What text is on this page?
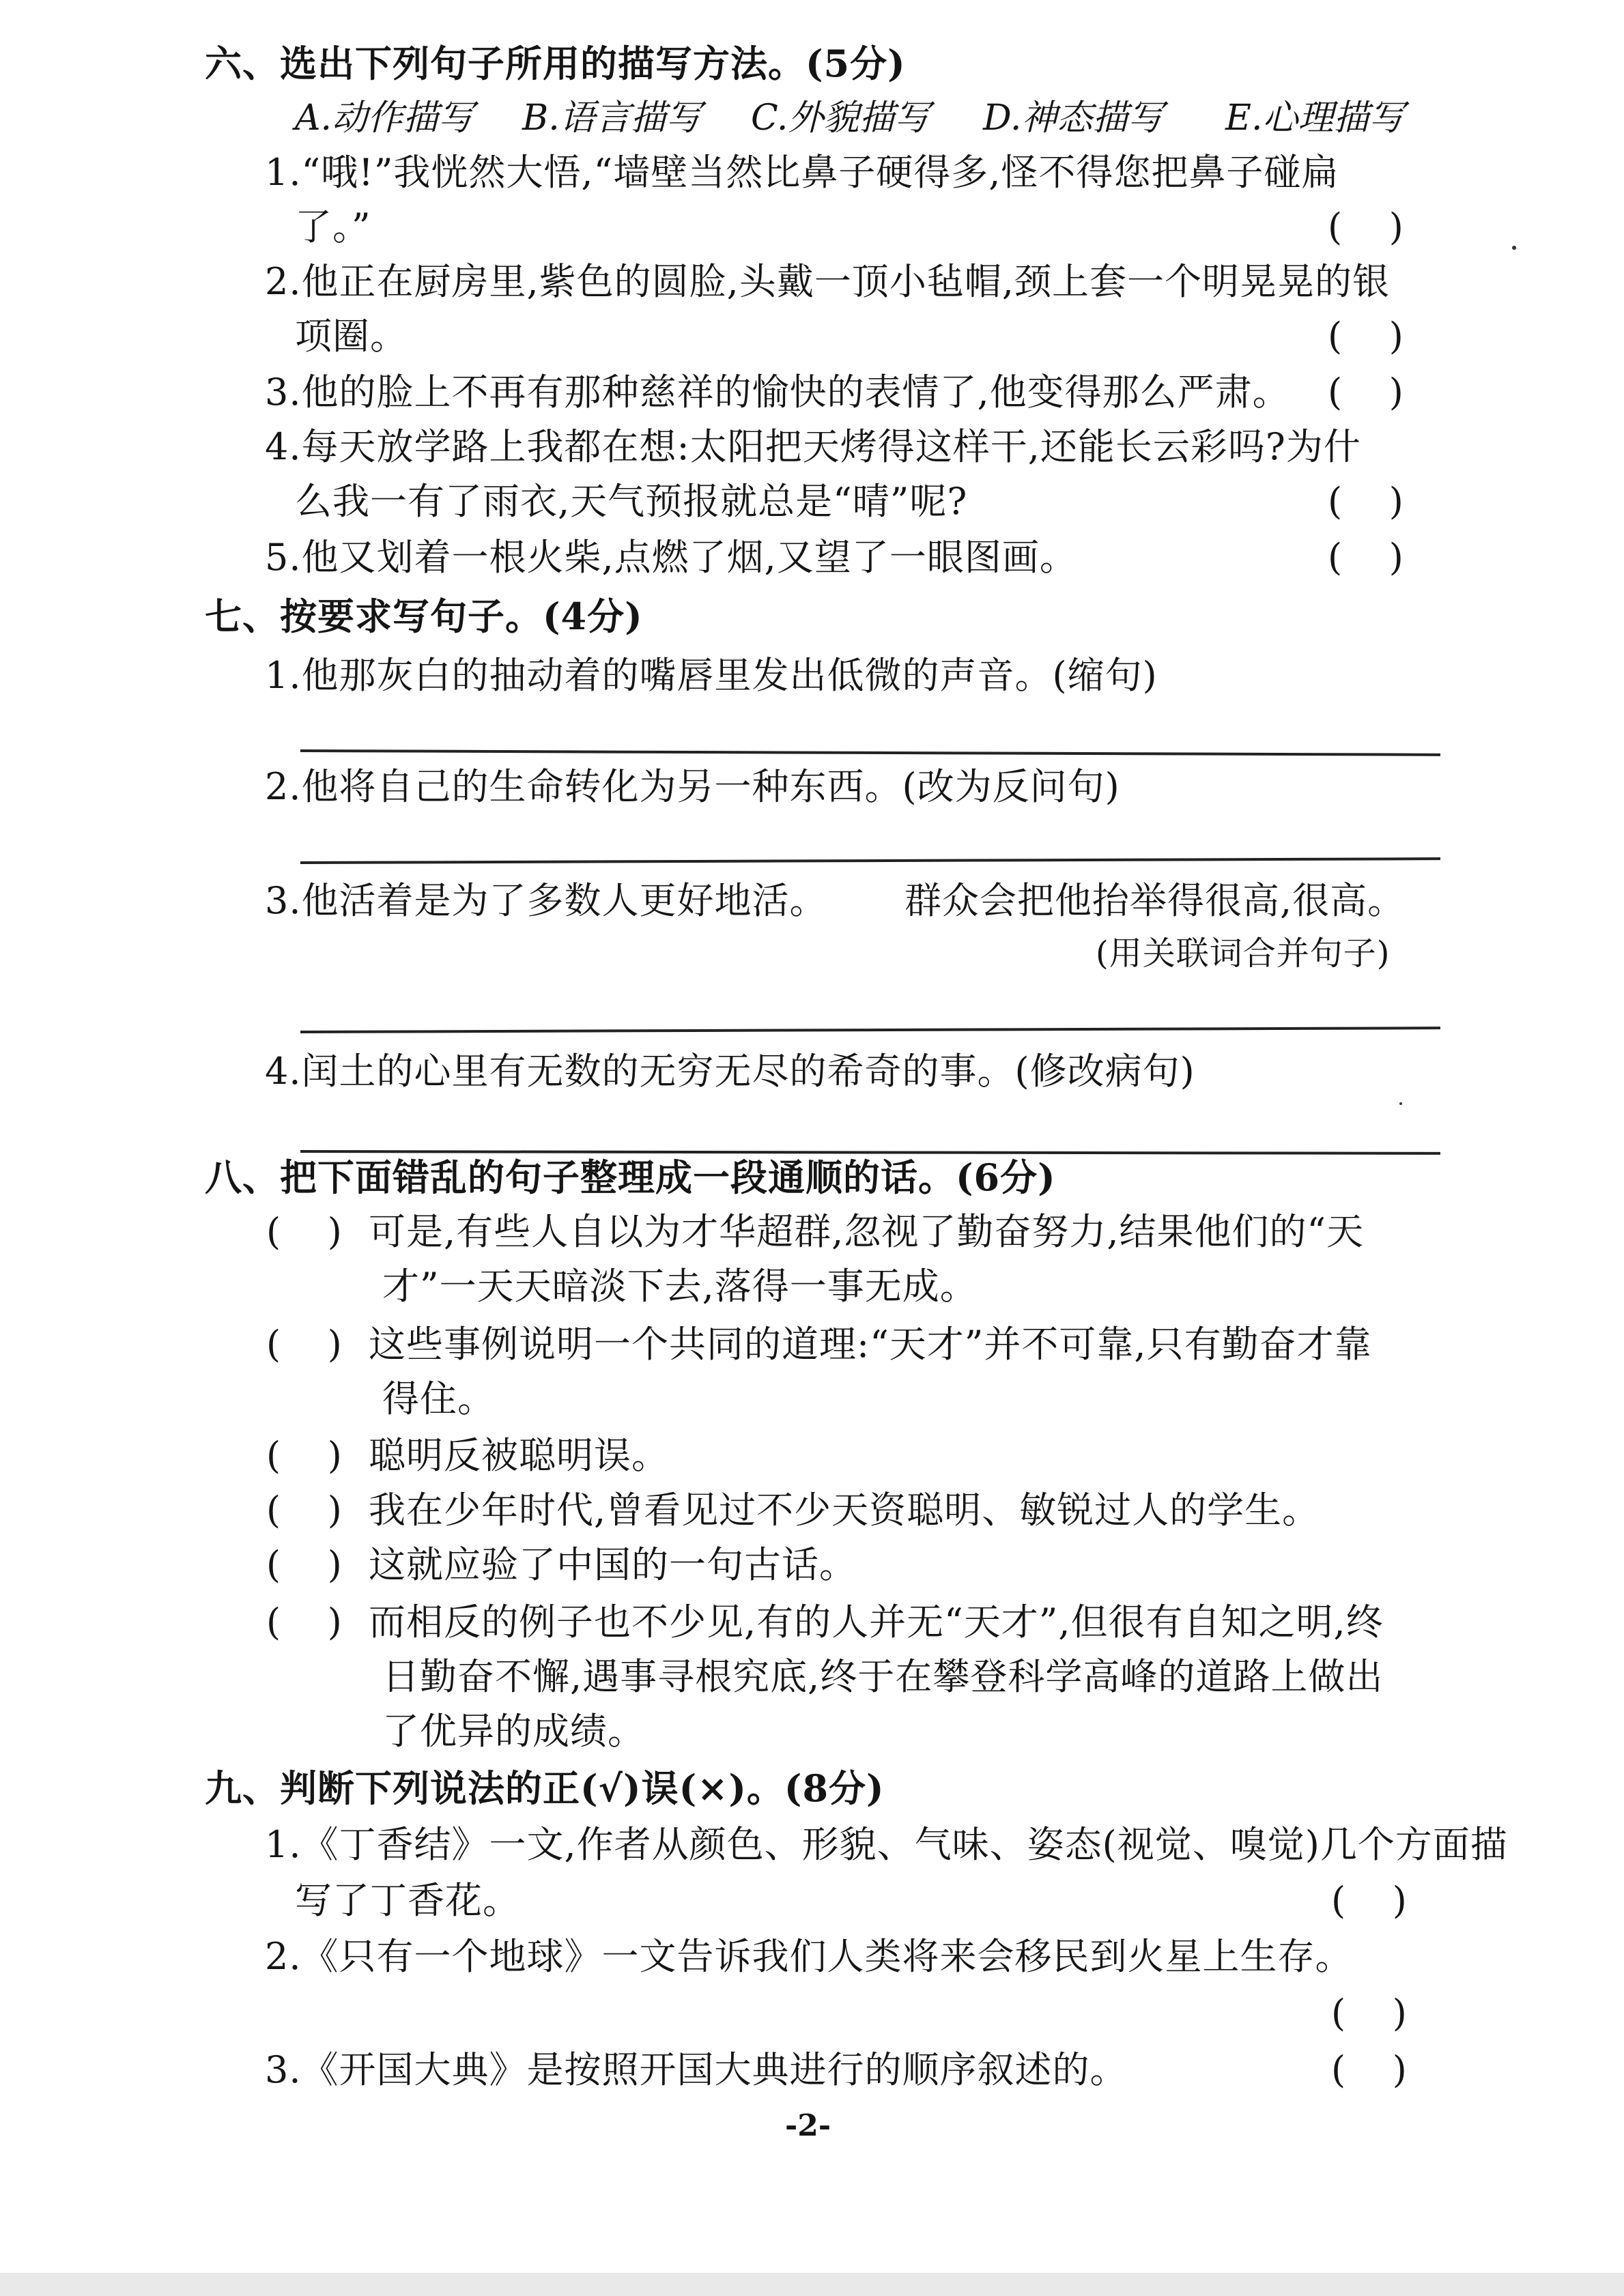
六、选出下列句子所用的描写方法。(5分)
A.动作描写 B.语言描写 C.外貌描写 D.神态描写 E.心理描写
1.“哦!”我恍然大悟,“墙壁当然比鼻子硬得多,怪不得您把鼻子碰扁
了。”	(    )
2.他正在厨房里,紫色的圆脸,头戴一顶小毡帽,颈上套一个明晃晃的银
项圈。	(    )
3.他的脸上不再有那种慈祥的愉快的表情了,他变得那么严肃。 (    )
4.每天放学路上我都在想:太阳把天烤得这样干,还能长云彩吗?为什
么我一有了雨衣,天气预报就总是“晴”呢?	(    )
5.他又划着一根火柴,点燃了烟,又望了一眼图画。	(    )
七、按要求写句子。(4分)
1.他那灰白的抽动着的嘴唇里发出低微的声音。(缩句)
2.他将自己的生命转化为另一种东西。(改为反问句)
3.他活着是为了多数人更好地活。 群众会把他抬举得很高,很高。
(用关联词合并句子)
4.闰土的心里有无数的无穷无尽的希奇的事。(修改病句)
八、把下面错乱的句子整理成一段通顺的话。(6分)
(    ) 可是,有些人自以为才华超群,忽视了勤奋努力,结果他们的“天
才”一天天暗淡下去,落得一事无成。
(    ) 这些事例说明一个共同的道理:“天才”并不可靠,只有勤奋才靠
得住。
(    ) 聪明反被聪明误。
(    ) 我在少年时代,曾看见过不少天资聪明、敏锐过人的学生。
(    ) 这就应验了中国的一句古话。
(    ) 而相反的例子也不少见,有的人并无“天才”,但很有自知之明,终
日勤奋不懈,遇事寻根究底,终于在攀登科学高峰的道路上做出
了优异的成绩。
九、判断下列说法的正(√)误(×)。(8分)
1.《丁香结》一文,作者从颜色、形貌、气味、姿态(视觉、嗅觉)几个方面描
写了丁香花。	(    )
2.《只有一个地球》一文告诉我们人类将来会移民到火星上生存。
(    )
3.《开国大典》是按照开国大典进行的顺序叙述的。	(    )
-2-
